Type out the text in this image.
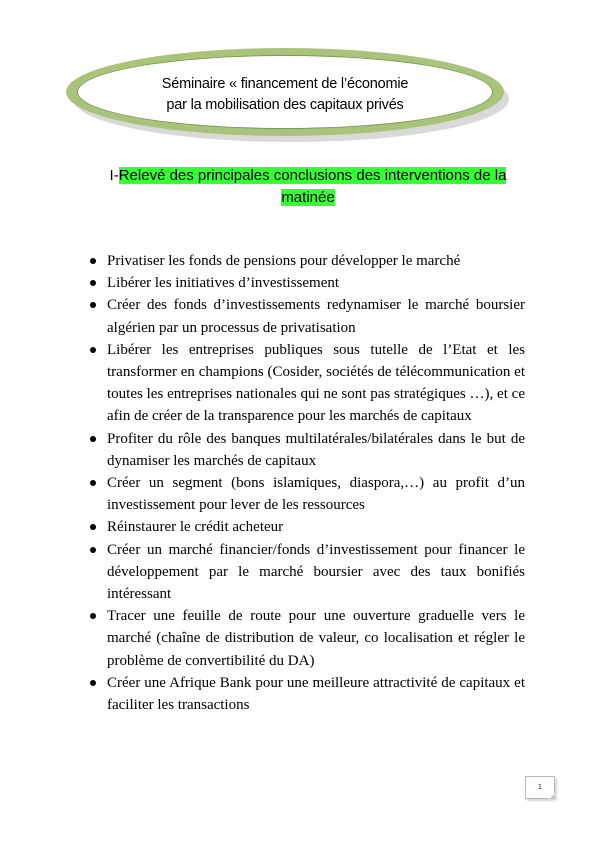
Séminaire « financement de l’économie
par la mobilisation des capitaux privés
I-Relevé des principales conclusions des interventions de la
matinée
Privatiser les fonds de pensions pour développer le marché
Libérer les initiatives d’investissement
Créer des fonds d’investissements redynamiser le marché boursier algérien par un processus de privatisation
Libérer les entreprises publiques sous tutelle de l’Etat et les transformer en champions (Cosider, sociétés de télécommunication et toutes les entreprises nationales qui ne sont pas stratégiques …), et ce afin de créer de la transparence pour les marchés de capitaux
Profiter du rôle des banques multilatérales/bilatérales dans le but de dynamiser les marchés de capitaux
Créer un segment (bons islamiques, diaspora,…) au profit d’un investissement pour lever de les ressources
Réinstaurer le crédit acheteur
Créer un marché financier/fonds d’investissement pour financer le développement par le marché boursier avec des taux bonifiés intéressant
Tracer une feuille de route pour une ouverture graduelle vers le marché (chaîne de distribution de valeur, co localisation et régler le problème de convertibilité du DA)
Créer une Afrique Bank pour une meilleure attractivité de capitaux et faciliter les transactions
1
